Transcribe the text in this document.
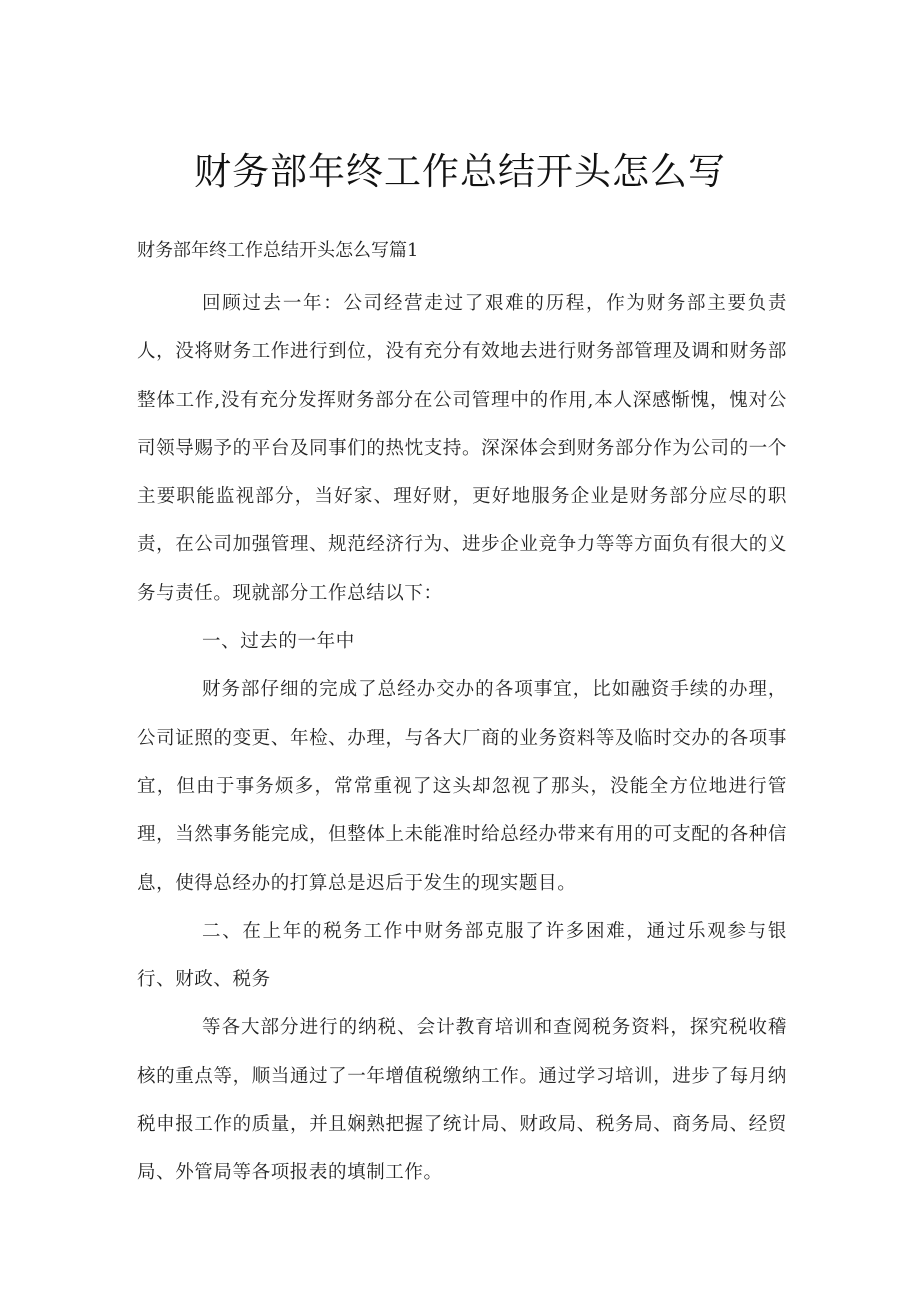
财务部年终工作总结开头怎么写
财务部年终工作总结开头怎么写篇1

回顾过去一年：公司经营走过了艰难的历程，作为财务部主要负责人，没将财务工作进行到位，没有充分有效地去进行财务部管理及调和财务部整体工作,没有充分发挥财务部分在公司管理中的作用,本人深感惭愧，愧对公司领导赐予的平台及同事们的热忱支持。深深体会到财务部分作为公司的一个主要职能监视部分，当好家、理好财，更好地服务企业是财务部分应尽的职责，在公司加强管理、规范经济行为、进步企业竞争力等等方面负有很大的义务与责任。现就部分工作总结以下：

一、过去的一年中

财务部仔细的完成了总经办交办的各项事宜，比如融资手续的办理，公司证照的变更、年检、办理，与各大厂商的业务资料等及临时交办的各项事宜，但由于事务烦多，常常重视了这头却忽视了那头，没能全方位地进行管理，当然事务能完成，但整体上未能准时给总经办带来有用的可支配的各种信息，使得总经办的打算总是迟后于发生的现实题目。

二、在上年的税务工作中财务部克服了许多困难，通过乐观参与银行、财政、税务

等各大部分进行的纳税、会计教育培训和查阅税务资料，探究税收稽核的重点等，顺当通过了一年增值税缴纳工作。通过学习培训，进步了每月纳税申报工作的质量，并且娴熟把握了统计局、财政局、税务局、商务局、经贸局、外管局等各项报表的填制工作。
